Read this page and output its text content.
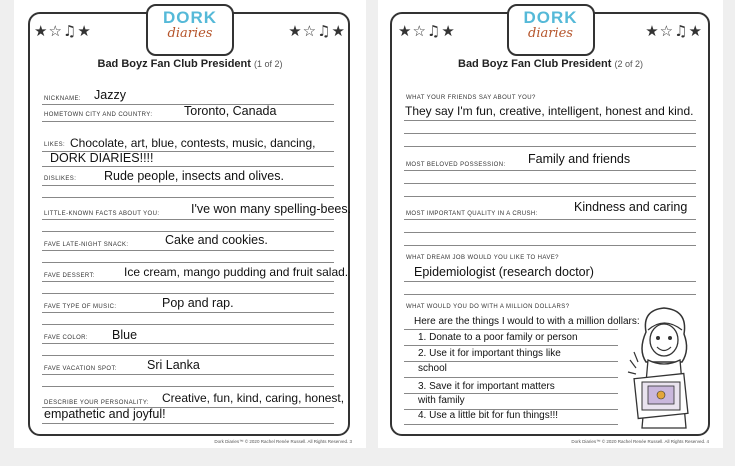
★☆♫★	★☆♫★
DORK
diaries
Bad Boyz Fan Club President (1 of 2)
NICKNAME: Jazzy
HOMETOWN CITY AND COUNTRY:	Toronto, Canada
LIKES: Chocolate, art, blue, contests, music, dancing,
DORK DIARIES!!!!
DISLIKES: Rude people, insects and olives.
LITTLE-KNOWN FACTS ABOUT YOU:	I've won many spelling-bees.
FAVE LATE-NIGHT SNACK:	Cake and cookies.
FAVE DESSERT: Ice cream, mango pudding and fruit salad.
FAVE TYPE OF MUSIC:	Pop and rap.
FAVE COLOR: Blue
FAVE VACATION SPOT: Sri Lanka
DESCRIBE YOUR PERSONALITY: Creative, fun, kind, caring, honest,
empathetic and joyful!
Dork Diaries™ © 2020 Rachel Renée Russell. All Rights Reserved. 3
★☆♫★	★☆♫★
DORK
diaries
Bad Boyz Fan Club President (2 of 2)
WHAT YOUR FRIENDS SAY ABOUT YOU?
They say I'm fun, creative, intelligent, honest and kind.
MOST BELOVED POSSESSION: Family and friends
MOST IMPORTANT QUALITY IN A CRUSH:	Kindness and caring
WHAT DREAM JOB WOULD YOU LIKE TO HAVE?
Epidemiologist (research doctor)
WHAT WOULD YOU DO WITH A MILLION DOLLARS?
Here are the things I would to with a million dollars:
1. Donate to a poor family or person
2. Use it for important things like
school
3. Save it for important matters
with family
4. Use a little bit for fun things!!!
Dork Diaries™ © 2020 Rachel Renée Russell. All Rights Reserved. 4
